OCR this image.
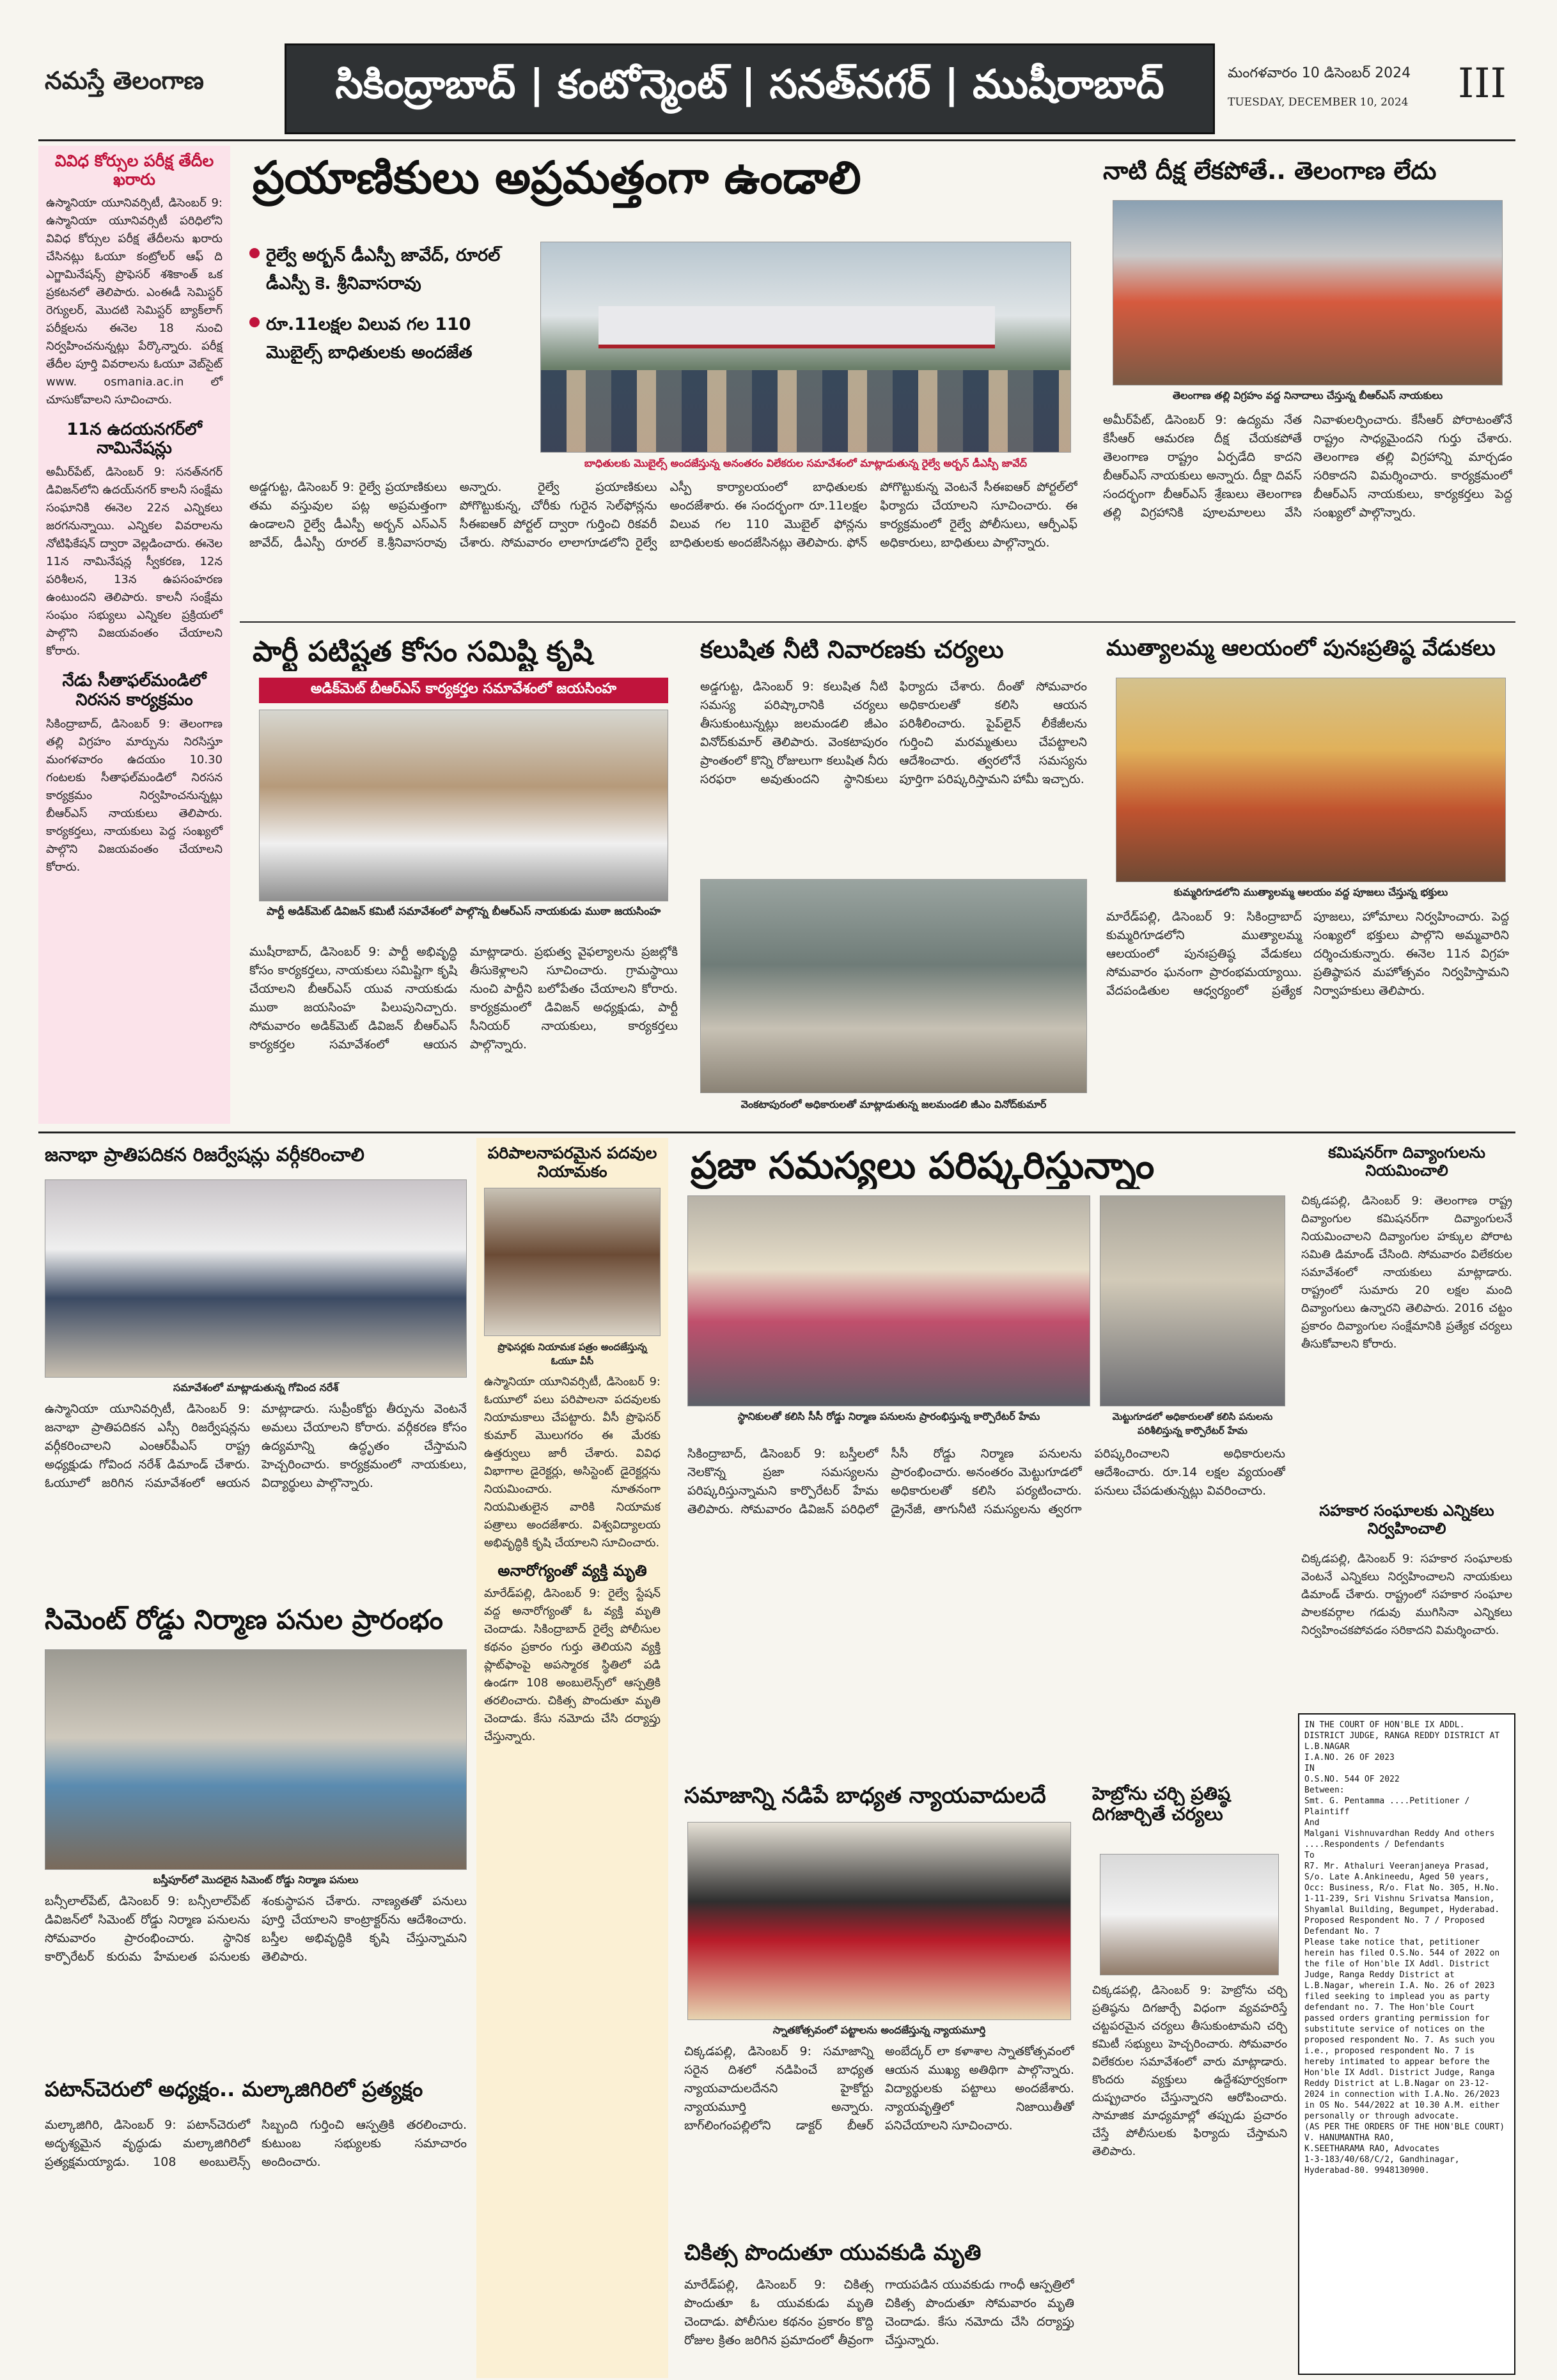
నమస్తే తెలంగాణ	సికింద్రాబాద్ | కంటోన్మెంట్ | సనత్‌నగర్ | ముషీరాబాద్	మంగళవారం 10 డిసెంబర్ 2024
TUESDAY, DECEMBER 10, 2024	III
వివిధ కోర్సుల పరీక్ష తేదీల ఖరారు
ఉస్మానియా యూనివర్సిటీ, డిసెంబర్ 9: ఉస్మానియా యూనివర్సిటీ పరిధిలోని వివిధ కోర్సుల పరీక్ష తేదీలను ఖరారు చేసినట్లు ఓయూ కంట్రోలర్ ఆఫ్ ది ఎగ్జామినేషన్స్ ప్రొఫెసర్ శశికాంత్ ఒక ప్రకటనలో తెలిపారు. ఎంఈడీ సెమిస్టర్ రెగ్యులర్, మొదటి సెమిస్టర్ బ్యాక్‌లాగ్ పరీక్షలను ఈనెల 18 నుంచి నిర్వహించనున్నట్లు పేర్కొన్నారు. పరీక్ష తేదీల పూర్తి వివరాలను ఓయూ వెబ్‌సైట్ www. osmania.ac.in లో చూసుకోవాలని సూచించారు.
11న ఉదయనగర్‌లో నామినేషన్లు
అమీర్‌పేట్, డిసెంబర్ 9: సనత్‌నగర్ డివిజన్‌లోని ఉదయ్‌నగర్ కాలనీ సంక్షేమ సంఘానికి ఈనెల 22న ఎన్నికలు జరగనున్నాయి. ఎన్నికల వివరాలను నోటిఫికేషన్ ద్వారా వెల్లడించారు. ఈనెల 11న నామినేషన్ల స్వీకరణ, 12న పరిశీలన, 13న ఉపసంహరణ ఉంటుందని తెలిపారు. కాలనీ సంక్షేమ సంఘం సభ్యులు ఎన్నికల ప్రక్రియలో పాల్గొని విజయవంతం చేయాలని కోరారు.
నేడు సీతాఫల్‌మండిలో నిరసన కార్యక్రమం
సికింద్రాబాద్, డిసెంబర్ 9: తెలంగాణ తల్లి విగ్రహం మార్పును నిరసిస్తూ మంగళవారం ఉదయం 10.30 గంటలకు సీతాఫల్‌మండిలో నిరసన కార్యక్రమం నిర్వహించనున్నట్లు బీఆర్‌ఎస్ నాయకులు తెలిపారు. కార్యకర్తలు, నాయకులు పెద్ద సంఖ్యలో పాల్గొని విజయవంతం చేయాలని కోరారు.
ప్రయాణికులు అప్రమత్తంగా ఉండాలి
రైల్వే అర్బన్ డీఎస్పీ జావేద్, రూరల్ డీఎస్పీ కె. శ్రీనివాసరావు
రూ.11లక్షల విలువ గల 110 మొబైల్స్ బాధితులకు అందజేత
బాధితులకు మొబైల్స్ అందజేస్తున్న అనంతరం విలేకరుల సమావేశంలో మాట్లాడుతున్న రైల్వే అర్బన్ డీఎస్పీ జావేద్
అడ్డగుట్ట, డిసెంబర్ 9: రైల్వే ప్రయాణికులు తమ వస్తువుల పట్ల అప్రమత్తంగా ఉండాలని రైల్వే డీఎస్పీ అర్బన్ ఎస్ఎన్ జావేద్, డీఎస్పీ రూరల్ కె.శ్రీనివాసరావు అన్నారు. రైల్వే ప్రయాణికులు పోగొట్టుకున్న, చోరీకు గురైన సెల్‌ఫోన్లను సీఈఐఆర్ పోర్టల్ ద్వారా గుర్తించి రికవరీ చేశారు. సోమవారం లాలాగూడలోని రైల్వే ఎస్పీ కార్యాలయంలో బాధితులకు అందజేశారు. ఈ సందర్భంగా రూ.11లక్షల విలువ గల 110 మొబైల్ ఫోన్లను బాధితులకు అందజేసినట్లు తెలిపారు. ఫోన్ పోగొట్టుకున్న వెంటనే సీఈఐఆర్ పోర్టల్‌లో ఫిర్యాదు చేయాలని సూచించారు. ఈ కార్యక్రమంలో రైల్వే పోలీసులు, ఆర్పీఎఫ్ అధికారులు, బాధితులు పాల్గొన్నారు.
నాటి దీక్ష లేకపోతే.. తెలంగాణ లేదు
తెలంగాణ తల్లి విగ్రహం వద్ద నినాదాలు చేస్తున్న బీఆర్‌ఎస్ నాయకులు
అమీర్‌పేట్, డిసెంబర్ 9: ఉద్యమ నేత కేసీఆర్ ఆమరణ దీక్ష చేయకపోతే తెలంగాణ రాష్ట్రం ఏర్పడేది కాదని బీఆర్‌ఎస్ నాయకులు అన్నారు. దీక్షా దివస్ సందర్భంగా బీఆర్‌ఎస్ శ్రేణులు తెలంగాణ తల్లి విగ్రహానికి పూలమాలలు వేసి నివాళులర్పించారు. కేసీఆర్ పోరాటంతోనే రాష్ట్రం సాధ్యమైందని గుర్తు చేశారు. తెలంగాణ తల్లి విగ్రహాన్ని మార్చడం సరికాదని విమర్శించారు. కార్యక్రమంలో బీఆర్‌ఎస్ నాయకులు, కార్యకర్తలు పెద్ద సంఖ్యలో పాల్గొన్నారు.
పార్టీ పటిష్టత కోసం సమిష్టి కృషి
అడిక్‌మెట్ బీఆర్‌ఎస్ కార్యకర్తల సమావేశంలో జయసింహ
పార్టీ అడిక్‌మెట్ డివిజన్ కమిటీ సమావేశంలో పాల్గొన్న బీఆర్‌ఎస్ నాయకుడు ముఠా జయసింహ
ముషీరాబాద్, డిసెంబర్ 9: పార్టీ అభివృద్ధి కోసం కార్యకర్తలు, నాయకులు సమిష్టిగా కృషి చేయాలని బీఆర్‌ఎస్ యువ నాయకుడు ముఠా జయసింహ పిలుపునిచ్చారు. సోమవారం అడిక్‌మెట్ డివిజన్ బీఆర్‌ఎస్ కార్యకర్తల సమావేశంలో ఆయన మాట్లాడారు. ప్రభుత్వ వైఫల్యాలను ప్రజల్లోకి తీసుకెళ్లాలని సూచించారు. గ్రామస్థాయి నుంచి పార్టీని బలోపేతం చేయాలని కోరారు. కార్యక్రమంలో డివిజన్ అధ్యక్షుడు, పార్టీ సీనియర్ నాయకులు, కార్యకర్తలు పాల్గొన్నారు.
కలుషిత నీటి నివారణకు చర్యలు
అడ్డగుట్ట, డిసెంబర్ 9: కలుషిత నీటి సమస్య పరిష్కారానికి చర్యలు తీసుకుంటున్నట్లు జలమండలి జీఎం వినోద్‌కుమార్ తెలిపారు. వెంకటాపురం ప్రాంతంలో కొన్ని రోజులుగా కలుషిత నీరు సరఫరా అవుతుందని స్థానికులు ఫిర్యాదు చేశారు. దీంతో సోమవారం అధికారులతో కలిసి ఆయన పరిశీలించారు. పైప్‌లైన్ లీకేజీలను గుర్తించి మరమ్మతులు చేపట్టాలని ఆదేశించారు. త్వరలోనే సమస్యను పూర్తిగా పరిష్కరిస్తామని హామీ ఇచ్చారు.
వెంకటాపురంలో అధికారులతో మాట్లాడుతున్న జలమండలి జీఎం వినోద్‌కుమార్
ముత్యాలమ్మ ఆలయంలో పునఃప్రతిష్ఠ వేడుకలు
కుమ్మరిగూడలోని ముత్యాలమ్మ ఆలయం వద్ద పూజలు చేస్తున్న భక్తులు
మారేడ్‌పల్లి, డిసెంబర్ 9: సికింద్రాబాద్ కుమ్మరిగూడలోని ముత్యాలమ్మ ఆలయంలో పునఃప్రతిష్ఠ వేడుకలు సోమవారం ఘనంగా ప్రారంభమయ్యాయి. వేదపండితుల ఆధ్వర్యంలో ప్రత్యేక పూజలు, హోమాలు నిర్వహించారు. పెద్ద సంఖ్యలో భక్తులు పాల్గొని అమ్మవారిని దర్శించుకున్నారు. ఈనెల 11న విగ్రహ ప్రతిష్ఠాపన మహోత్సవం నిర్వహిస్తామని నిర్వాహకులు తెలిపారు.
జనాభా ప్రాతిపదికన రిజర్వేషన్లు వర్గీకరించాలి
సమావేశంలో మాట్లాడుతున్న గోవింద నరేశ్
ఉస్మానియా యూనివర్సిటీ, డిసెంబర్ 9: జనాభా ప్రాతిపదికన ఎస్సీ రిజర్వేషన్లను వర్గీకరించాలని ఎంఆర్‌పీఎస్ రాష్ట్ర అధ్యక్షుడు గోవింద నరేశ్ డిమాండ్ చేశారు. ఓయూలో జరిగిన సమావేశంలో ఆయన మాట్లాడారు. సుప్రీంకోర్టు తీర్పును వెంటనే అమలు చేయాలని కోరారు. వర్గీకరణ కోసం ఉద్యమాన్ని ఉద్ధృతం చేస్తామని హెచ్చరించారు. కార్యక్రమంలో నాయకులు, విద్యార్థులు పాల్గొన్నారు.
సిమెంట్ రోడ్డు నిర్మాణ పనుల ప్రారంభం
బస్తీపూర్‌లో మొదలైన సిమెంట్ రోడ్డు నిర్మాణ పనులు
బన్సీలాల్‌పేట్, డిసెంబర్ 9: బన్సీలాల్‌పేట్ డివిజన్‌లో సిమెంట్ రోడ్డు నిర్మాణ పనులను సోమవారం ప్రారంభించారు. స్థానిక కార్పొరేటర్ కురుమ హేమలత పనులకు శంకుస్థాపన చేశారు. నాణ్యతతో పనులు పూర్తి చేయాలని కాంట్రాక్టర్‌ను ఆదేశించారు. బస్తీల అభివృద్ధికి కృషి చేస్తున్నామని తెలిపారు.
పటాన్‌చెరులో అధ్యక్షం.. మల్కాజిగిరిలో ప్రత్యక్షం
మల్కాజిగిరి, డిసెంబర్ 9: పటాన్‌చెరులో అదృశ్యమైన వృద్ధుడు మల్కాజిగిరిలో ప్రత్యక్షమయ్యాడు. 108 అంబులెన్స్ సిబ్బంది గుర్తించి ఆస్పత్రికి తరలించారు. కుటుంబ సభ్యులకు సమాచారం అందించారు.
పరిపాలనాపరమైన పదవుల నియామకం
ప్రొఫెసర్లకు నియామక పత్రం అందజేస్తున్న ఓయూ వీసీ
ఉస్మానియా యూనివర్సిటీ, డిసెంబర్ 9: ఓయూలో పలు పరిపాలనా పదవులకు నియామకాలు చేపట్టారు. వీసీ ప్రొఫెసర్ కుమార్ మొలుగరం ఈ మేరకు ఉత్తర్వులు జారీ చేశారు. వివిధ విభాగాల డైరెక్టర్లు, అసిస్టెంట్ డైరెక్టర్లను నియమించారు. నూతనంగా నియమితులైన వారికి నియామక పత్రాలు అందజేశారు. విశ్వవిద్యాలయ అభివృద్ధికి కృషి చేయాలని సూచించారు.
అనారోగ్యంతో వ్యక్తి మృతి
మారేడ్‌పల్లి, డిసెంబర్ 9: రైల్వే స్టేషన్ వద్ద అనారోగ్యంతో ఓ వ్యక్తి మృతి చెందాడు. సికింద్రాబాద్ రైల్వే పోలీసుల కథనం ప్రకారం గుర్తు తెలియని వ్యక్తి ప్లాట్‌ఫాంపై అపస్మారక స్థితిలో పడి ఉండగా 108 అంబులెన్స్‌లో ఆస్పత్రికి తరలించారు. చికిత్స పొందుతూ మృతి చెందాడు. కేసు నమోదు చేసి దర్యాప్తు చేస్తున్నారు.
ప్రజా సమస్యలు పరిష్కరిస్తున్నాం
స్థానికులతో కలిసి సీసీ రోడ్డు నిర్మాణ పనులను ప్రారంభిస్తున్న కార్పొరేటర్ హేమ	మెట్టుగూడలో అధికారులతో కలిసి పనులను పరిశీలిస్తున్న కార్పొరేటర్ హేమ
సికింద్రాబాద్, డిసెంబర్ 9: బస్తీలలో నెలకొన్న ప్రజా సమస్యలను పరిష్కరిస్తున్నామని కార్పొరేటర్ హేమ తెలిపారు. సోమవారం డివిజన్ పరిధిలో సీసీ రోడ్డు నిర్మాణ పనులను ప్రారంభించారు. అనంతరం మెట్టుగూడలో అధికారులతో కలిసి పర్యటించారు. డ్రైనేజీ, తాగునీటి సమస్యలను త్వరగా పరిష్కరించాలని అధికారులను ఆదేశించారు. రూ.14 లక్షల వ్యయంతో పనులు చేపడుతున్నట్లు వివరించారు.
సమాజాన్ని నడిపే బాధ్యత న్యాయవాదులదే
స్నాతకోత్సవంలో పట్టాలను అందజేస్తున్న న్యాయమూర్తి
చిక్కడపల్లి, డిసెంబర్ 9: సమాజాన్ని సరైన దిశలో నడిపించే బాధ్యత న్యాయవాదులదేనని హైకోర్టు న్యాయమూర్తి అన్నారు. బాగ్‌లింగంపల్లిలోని డాక్టర్ బీఆర్ అంబేద్కర్ లా కళాశాల స్నాతకోత్సవంలో ఆయన ముఖ్య అతిథిగా పాల్గొన్నారు. విద్యార్థులకు పట్టాలు అందజేశారు. న్యాయవృత్తిలో నిజాయితీతో పనిచేయాలని సూచించారు.
చికిత్స పొందుతూ యువకుడి మృతి
మారేడ్‌పల్లి, డిసెంబర్ 9: చికిత్స పొందుతూ ఓ యువకుడు మృతి చెందాడు. పోలీసుల కథనం ప్రకారం కొద్ది రోజుల క్రితం జరిగిన ప్రమాదంలో తీవ్రంగా గాయపడిన యువకుడు గాంధీ ఆస్పత్రిలో చికిత్స పొందుతూ సోమవారం మృతి చెందాడు. కేసు నమోదు చేసి దర్యాప్తు చేస్తున్నారు.
హెబ్రోను చర్చి ప్రతిష్ఠ దిగజార్చితే చర్యలు
చిక్కడపల్లి, డిసెంబర్ 9: హెబ్రోను చర్చి ప్రతిష్ఠను దిగజార్చే విధంగా వ్యవహరిస్తే చట్టపరమైన చర్యలు తీసుకుంటామని చర్చి కమిటీ సభ్యులు హెచ్చరించారు. సోమవారం విలేకరుల సమావేశంలో వారు మాట్లాడారు. కొందరు వ్యక్తులు ఉద్దేశపూర్వకంగా దుష్ప్రచారం చేస్తున్నారని ఆరోపించారు. సామాజిక మాధ్యమాల్లో తప్పుడు ప్రచారం చేస్తే పోలీసులకు ఫిర్యాదు చేస్తామని తెలిపారు.
కమిషనర్‌గా దివ్యాంగులను నియమించాలి
చిక్కడపల్లి, డిసెంబర్ 9: తెలంగాణ రాష్ట్ర దివ్యాంగుల కమిషనర్‌గా దివ్యాంగులనే నియమించాలని దివ్యాంగుల హక్కుల పోరాట సమితి డిమాండ్ చేసింది. సోమవారం విలేకరుల సమావేశంలో నాయకులు మాట్లాడారు. రాష్ట్రంలో సుమారు 20 లక్షల మంది దివ్యాంగులు ఉన్నారని తెలిపారు. 2016 చట్టం ప్రకారం దివ్యాంగుల సంక్షేమానికి ప్రత్యేక చర్యలు తీసుకోవాలని కోరారు.
సహకార సంఘాలకు ఎన్నికలు నిర్వహించాలి
చిక్కడపల్లి, డిసెంబర్ 9: సహకార సంఘాలకు వెంటనే ఎన్నికలు నిర్వహించాలని నాయకులు డిమాండ్ చేశారు. రాష్ట్రంలో సహకార సంఘాల పాలకవర్గాల గడువు ముగిసినా ఎన్నికలు నిర్వహించకపోవడం సరికాదని విమర్శించారు.
IN THE COURT OF HON'BLE IX ADDL. DISTRICT JUDGE, RANGA REDDY DISTRICT AT L.B.NAGAR
I.A.NO. 26 OF 2023
IN
O.S.NO. 544 OF 2022
Between:
Smt. G. Pentamma ....Petitioner / Plaintiff
And
Malgani Vishnuvardhan Reddy And others
....Respondents / Defendants
To
R7. Mr. Athaluri Veeranjaneya Prasad, S/o. Late A.Ankineedu, Aged 50 years, Occ: Business, R/o. Flat No. 305, H.No. 1-11-239, Sri Vishnu Srivatsa Mansion, Shyamlal Building, Begumpet, Hyderabad.
Proposed Respondent No. 7 / Proposed Defendant No. 7
Please take notice that, petitioner herein has filed O.S.No. 544 of 2022 on the file of Hon'ble IX Addl. District Judge, Ranga Reddy District at L.B.Nagar, wherein I.A. No. 26 of 2023 filed seeking to implead you as party defendant no. 7. The Hon'ble Court passed orders granting permission for substitute service of notices on the proposed respondent No. 7. As such you i.e., proposed respondent No. 7 is hereby intimated to appear before the Hon'ble IX Addl. District Judge, Ranga Reddy District at L.B.Nagar on 23-12-2024 in connection with I.A.No. 26/2023 in OS No. 544/2022 at 10.30 A.M. either personally or through advocate.
(AS PER THE ORDERS OF THE HON'BLE COURT)
V. HANUMANTHA RAO,
K.SEETHARAMA RAO, Advocates
1-3-183/40/68/C/2, Gandhinagar,
Hyderabad-80. 9948130900.
